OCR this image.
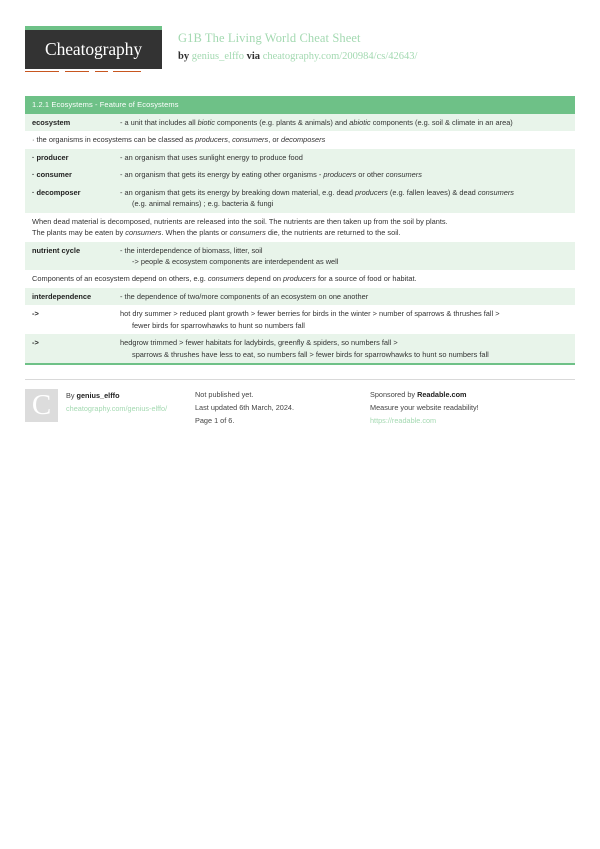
Cheatography
G1B The Living World Cheat Sheet
by genius_elffo via cheatography.com/200984/cs/42643/
1.2.1 Ecosystems - Feature of Ecosystems
ecosystem	- a unit that includes all biotic components (e.g. plants & animals) and abiotic components (e.g. soil & climate in an area)
· the organisms in ecosystems can be classed as producers, consumers, or decomposers
· producer	- an organism that uses sunlight energy to produce food
· consumer	- an organism that gets its energy by eating other organisms - producers or other consumers
· decomposer	- an organism that gets its energy by breaking down material, e.g. dead producers (e.g. fallen leaves) & dead consumers
(e.g. animal remains) ; e.g. bacteria & fungi
When dead material is decomposed, nutrients are released into the soil. The nutrients are then taken up from the soil by plants.
The plants may be eaten by consumers. When the plants or consumers die, the nutrients are returned to the soil.
nutrient cycle	- the interdependence of biomass, litter, soil
-> people & ecosystem components are interdependent as well
Components of an ecosystem depend on others, e.g. consumers depend on producers for a source of food or habitat.
interdependence	- the dependence of two/more components of an ecosystem on one another
->	hot dry summer > reduced plant growth > fewer berries for birds in the winter > number of sparrows & thrushes fall >
fewer birds for sparrowhawks to hunt so numbers fall
->	hedgrow trimmed > fewer habitats for ladybirds, greenfly & spiders, so numbers fall >
sparrows & thrushes have less to eat, so numbers fall > fewer birds for sparrowhawks to hunt so numbers fall
C	By genius_elffo
cheatography.com/genius-elffo/
Not published yet.
Last updated 6th March, 2024.
Page 1 of 6.
Sponsored by Readable.com
Measure your website readability!
https://readable.com
